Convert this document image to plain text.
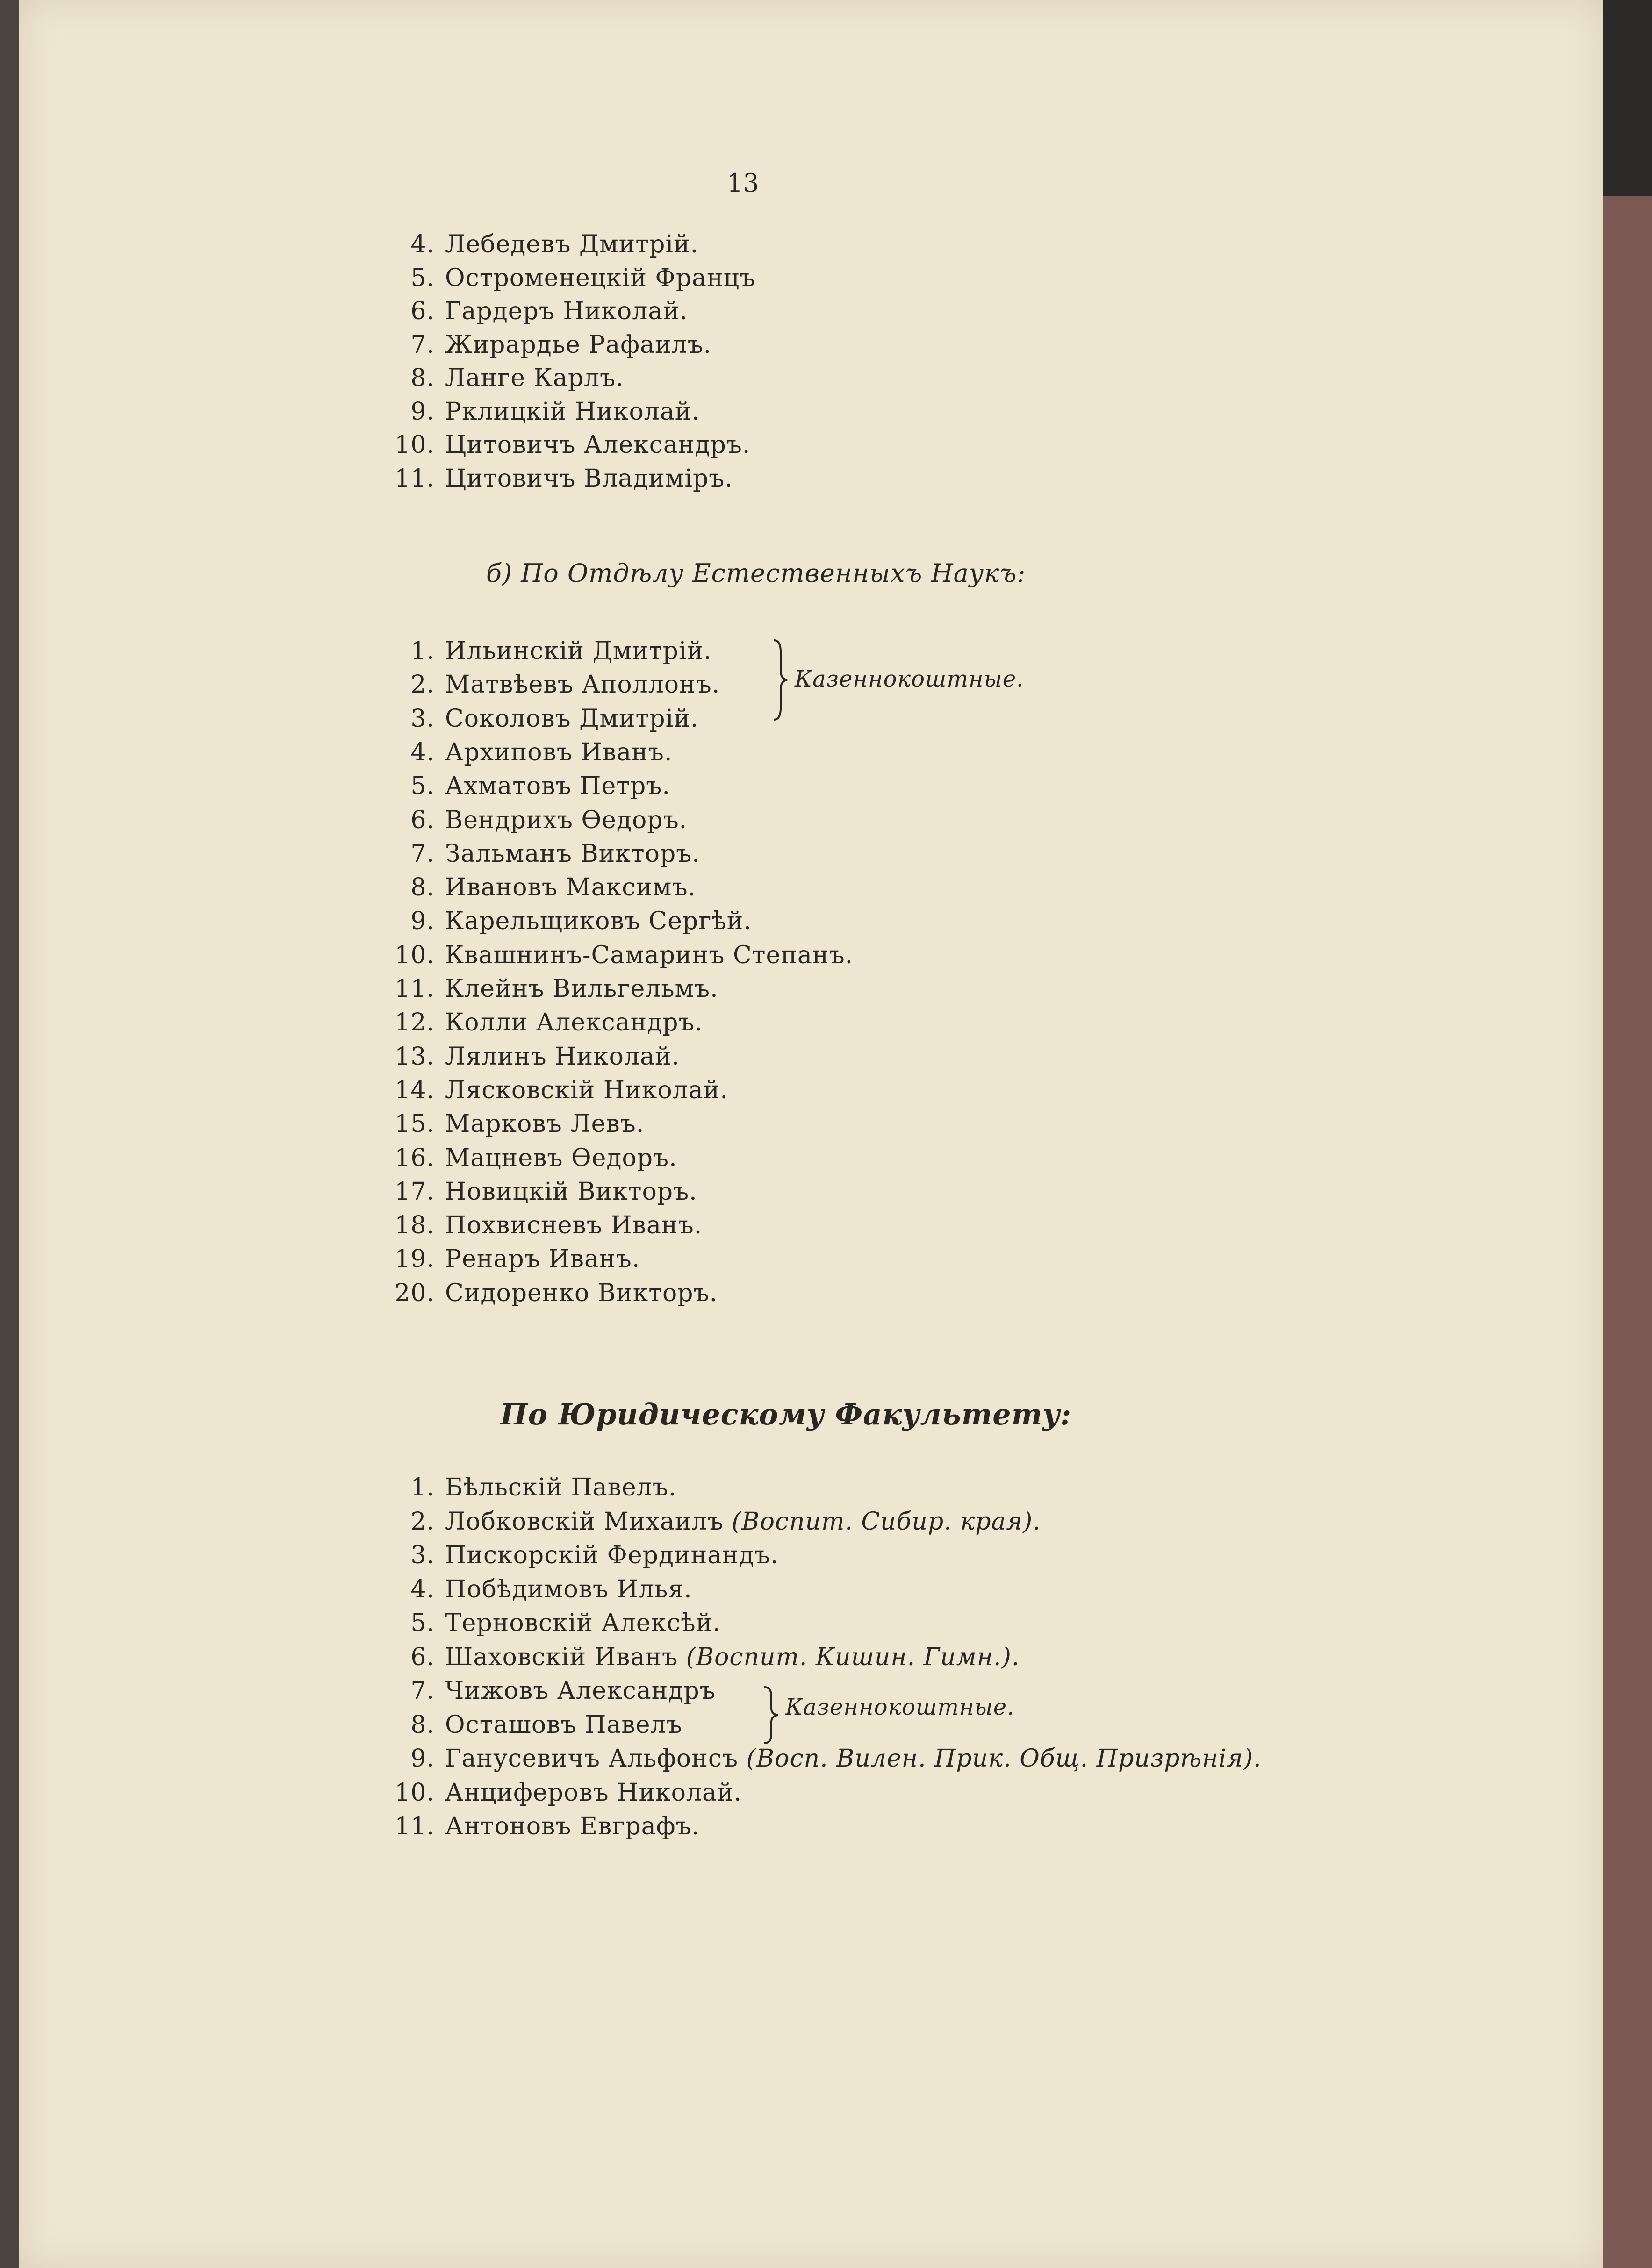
13
4. Лебедевъ Дмитрій.
5. Остроменецкій Францъ
6. Гардеръ Николай.
7. Жирардье Рафаилъ.
8. Ланге Карлъ.
9. Рклицкій Николай.
10. Цитовичъ Александръ.
11. Цитовичъ Владиміръ.
б) По Отдѣлу Естественныхъ Наукъ:
1. Ильинскій Дмитрій.
2. Матвѣевъ Аполлонъ.
3. Соколовъ Дмитрій.
4. Архиповъ Иванъ.
5. Ахматовъ Петръ.
6. Вендрихъ Ѳедоръ.
7. Зальманъ Викторъ.
8. Ивановъ Максимъ.
9. Карельщиковъ Сергѣй.
10. Квашнинъ-Самаринъ Степанъ.
11. Клейнъ Вильгельмъ.
12. Колли Александръ.
13. Лялинъ Николай.
14. Лясковскій Николай.
15. Марковъ Левъ.
16. Мацневъ Ѳедоръ.
17. Новицкій Викторъ.
18. Похвисневъ Иванъ.
19. Ренаръ Иванъ.
20. Сидоренко Викторъ.
Казеннокоштные.
По Юридическому Факультету:
1. Бѣльскій Павелъ.
2. Лобковскій Михаилъ (Воспит. Сибир. края).
3. Пискорскій Фердинандъ.
4. Побѣдимовъ Илья.
5. Терновскій Алексѣй.
6. Шаховскій Иванъ (Воспит. Кишин. Гимн.).
7. Чижовъ Александръ
8. Осташовъ Павелъ
9. Ганусевичъ Альфонсъ (Восп. Вилен. Прик. Общ. Призрѣнія).
10. Анциферовъ Николай.
11. Антоновъ Евграфъ.
Казеннокоштные.
